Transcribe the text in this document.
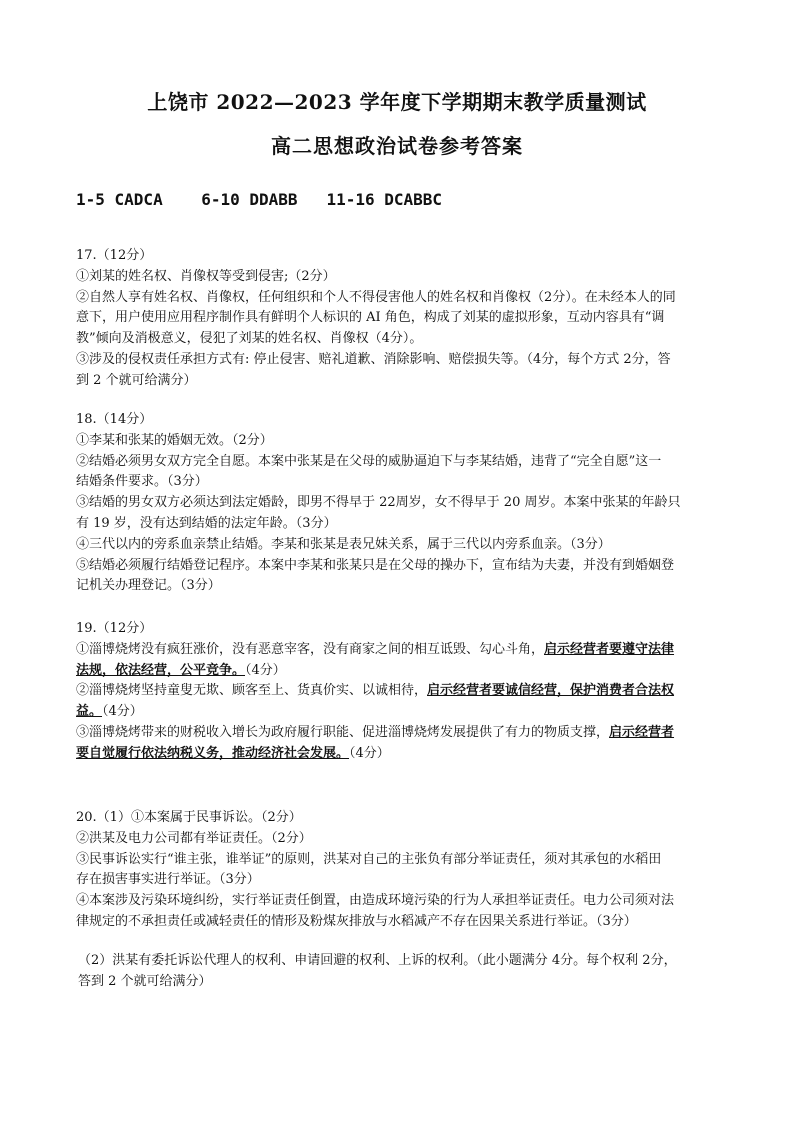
上饶市 2022—2023 学年度下学期期末教学质量测试
高二思想政治试卷参考答案
1-5 CADCA    6-10 DDABB   11-16 DCABBC

17.（12分）

①刘某的姓名权、肖像权等受到侵害;（2分）

②自然人享有姓名权、肖像权，任何组织和个人不得侵害他人的姓名权和肖像权（2分）。在未经本人的同

意下，用户使用应用程序制作具有鲜明个人标识的 AI 角色，构成了刘某的虚拟形象，互动内容具有“调

教”倾向及消极意义，侵犯了刘某的姓名权、肖像权（4分）。

③涉及的侵权责任承担方式有: 停止侵害、赔礼道歉、消除影响、赔偿损失等。（4分，每个方式 2分，答

到 2 个就可给满分）

18.（14分）

①李某和张某的婚姻无效。（2分）

②结婚必须男女双方完全自愿。本案中张某是在父母的威胁逼迫下与李某结婚，违背了“完全自愿”这一

结婚条件要求。（3分）

③结婚的男女双方必须达到法定婚龄，即男不得早于 22周岁，女不得早于 20 周岁。本案中张某的年龄只

有 19 岁，没有达到结婚的法定年龄。（3分）

④三代以内的旁系血亲禁止结婚。李某和张某是表兄妹关系，属于三代以内旁系血亲。（3分）

⑤结婚必须履行结婚登记程序。本案中李某和张某只是在父母的操办下，宣布结为夫妻，并没有到婚姻登

记机关办理登记。（3分）

19.（12分）

①淄博烧烤没有疯狂涨价，没有恶意宰客，没有商家之间的相互诋毁、勾心斗角，启示经营者要遵守法律

法规，依法经营，公平竞争。（4分）

②淄博烧烤坚持童叟无欺、顾客至上、货真价实、以诚相待，启示经营者要诚信经营，保护消费者合法权

益。（4分）

③淄博烧烤带来的财税收入增长为政府履行职能、促进淄博烧烤发展提供了有力的物质支撑，启示经营者

要自觉履行依法纳税义务，推动经济社会发展。（4分）

20.（1）①本案属于民事诉讼。（2分）

②洪某及电力公司都有举证责任。（2分）

③民事诉讼实行“谁主张，谁举证”的原则，洪某对自己的主张负有部分举证责任，须对其承包的水稻田

存在损害事实进行举证。（3分）

④本案涉及污染环境纠纷，实行举证责任倒置，由造成环境污染的行为人承担举证责任。电力公司须对法

律规定的不承担责任或减轻责任的情形及粉煤灰排放与水稻减产不存在因果关系进行举证。（3分）

（2）洪某有委托诉讼代理人的权利、申请回避的权利、上诉的权利。（此小题满分 4分。每个权利 2分，

答到 2 个就可给满分）
